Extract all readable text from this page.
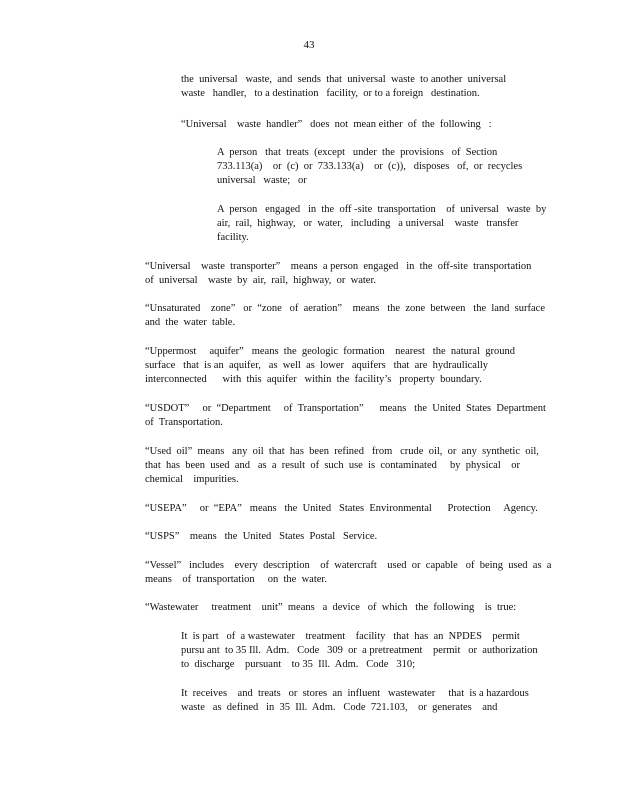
43

the  universal   waste,  and  sends  that  universal  waste  to another  universal
waste   handler,   to a destination   facility,  or to a foreign   destination.

“Universal    waste  handler”   does  not  mean either  of  the  following   :

A  person   that  treats  (except   under  the  provisions   of  Section
733.113(a)    or  (c)  or  733.133(a)    or  (c)),   disposes   of,  or  recycles
universal   waste;   or

A  person   engaged   in  the  off -site  transportation    of  universal   waste  by
air,  rail,  highway,   or  water,   including   a universal    waste   transfer
facility.

“Universal    waste  transporter”    means  a person  engaged   in  the  off-site  transportation
of  universal    waste  by  air,  rail,  highway,  or  water.

“Unsaturated    zone”   or  “zone   of  aeration”    means   the  zone  between   the  land  surface
and  the  water  table.

“Uppermost     aquifer”   means  the  geologic  formation    nearest   the  natural  ground
surface   that  is an  aquifer,   as  well  as  lower   aquifers   that  are  hydraulically
interconnected      with  this  aquifer   within  the  facility’s   property  boundary.

“USDOT”     or  “Department     of  Transportation”      means   the  United  States  Department
of  Transportation.

“Used  oil”  means   any  oil  that  has  been  refined   from   crude  oil,  or  any  synthetic  oil,
that  has  been  used  and   as  a  result  of  such  use  is  contaminated     by  physical    or
chemical    impurities.

“USEPA”     or  “EPA”   means   the  United   States  Environmental      Protection     Agency.

“USPS”    means   the  United   States  Postal   Service.

“Vessel”   includes    every  description    of  watercraft    used  or  capable   of  being  used  as  a
means    of  transportation     on  the  water.

“Wastewater     treatment    unit”  means   a  device   of  which   the  following    is  true:

It  is part   of  a wastewater    treatment    facility   that  has  an  NPDES    permit
pursu ant  to 35 Ill.  Adm.   Code   309  or  a pretreatment    permit   or  authorization
to  discharge    pursuant    to 35  Ill.  Adm.   Code   310;

It  receives    and  treats   or  stores  an  influent   wastewater     that  is a hazardous
waste   as  defined   in  35  Ill.  Adm.   Code  721.103,    or  generates    and
